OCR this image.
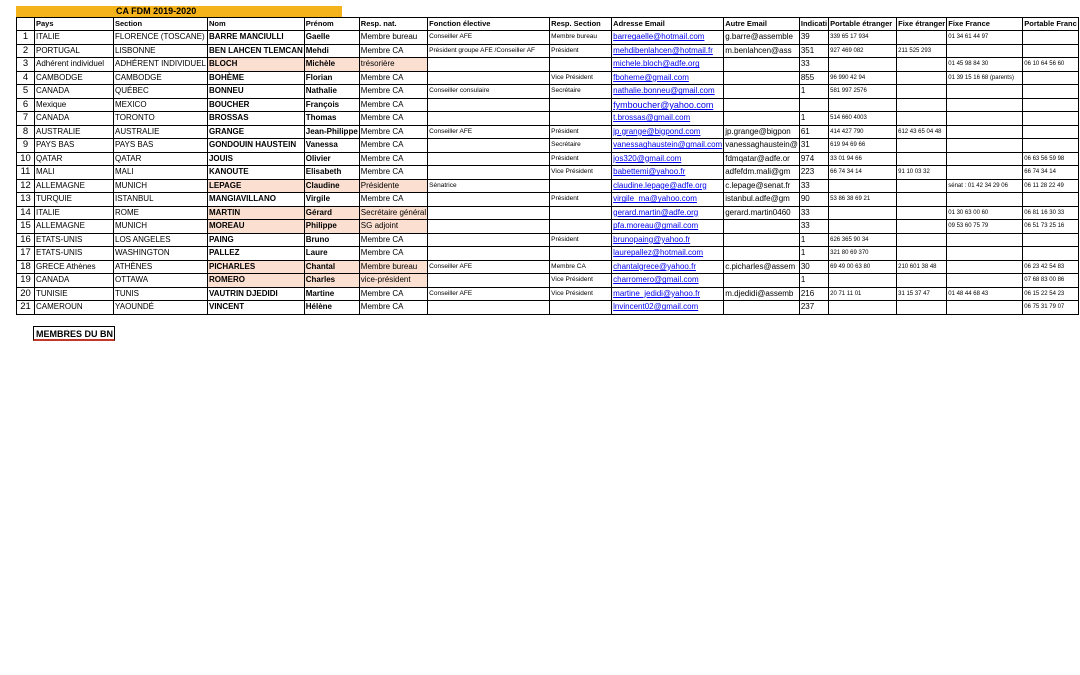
CA FDM 2019-2020
	Pays	Section	Nom	Prénom	Resp. nat.	Fonction élective	Resp. Section	Adresse Email	Autre Email	Indicati	Portable étranger	Fixe étranger	Fixe France	Portable Franc
1	ITALIE	FLORENCE (TOSCANE)	BARRE MANCIULLI	Gaelle	Membre bureau	Conseiller AFE	Membre bureau	barregaelle@hotmail.com	g.barre@assemble	39	339 65 17 934		01 34 61 44 97	
2	PORTUGAL	LISBONNE	BEN LAHCEN TLEMCAN	Mehdi	Membre CA	Président groupe AFE /Conseiller AF	Président	mehdibenlahcen@hotmail.fr	m.benlahcen@ass	351	927 469 082	211 525 293		
3	Adhérent individuel	ADHÉRENT INDIVIDUEL	BLOCH	Michèle	trésorière			michele.bloch@adfe.org		33			01 45 98 84 30	06 10 64 56 60
4	CAMBODGE	CAMBODGE	BOHÈME	Florian	Membre CA		Vice Président	fboheme@gmail.com		855	96 990 42 94		01 39 15 16 68 (parents)	
5	CANADA	QUÉBEC	BONNEU	Nathalie	Membre CA	Conseiller consulaire	Secrétaire	nathalie.bonneu@gmail.com		1	581 997 2576			
6	Mexique	MEXICO	BOUCHER	François	Membre CA			fymboucher@yahoo.com						
7	CANADA	TORONTO	BROSSAS	Thomas	Membre CA			t.brossas@gmail.com		1	514 660 4003			
8	AUSTRALIE	AUSTRALIE	GRANGE	Jean-Philippe	Membre CA	Conseiller AFE	Président	jp.grange@bigpond.com	jp.grange@bigpon	61	414 427 790	612 43 65 04 48		
9	PAYS BAS	PAYS BAS	GONDOUIN HAUSTEIN	Vanessa	Membre CA		Secrétaire	vanessaghaustein@gmail.com	vanessaghaustein@	31	619 94 69 66			
10	QATAR	QATAR	JOUIS	Olivier	Membre CA		Président	jos320@gmail.com	fdmqatar@adfe.or	974	33 01 94 66			06 63 56 59 98
11	MALI	MALI	KANOUTE	Elisabeth	Membre CA		Vice Président	babettemi@yahoo.fr	adfefdm.mali@gm	223	66 74 34 14	91 10 03 32		66 74 34 14
12	ALLEMAGNE	MUNICH	LEPAGE	Claudine	Présidente	Sénatrice		claudine.lepage@adfe.org	c.lepage@senat.fr	33			sénat : 01 42 34 29 06	06 11 28 22 49
13	TURQUIE	ISTANBUL	MANGIAVILLANO	Virgile	Membre CA		Président	virgile_ma@yahoo.com	istanbul.adfe@gm	90	53 86 38 69 21			
14	ITALIE	ROME	MARTIN	Gérard	Secrétaire général			gerard.martin@adfe.org	gerard.martin0460	33			01 30 63 00 60	06 81 16 30 33
15	ALLEMAGNE	MUNICH	MOREAU	Philippe	SG adjoint			pfa.moreau@gmail.com		33			09 53 60 75 79	06 51 73 25 16
16	ETATS-UNIS	LOS ANGELES	PAING	Bruno	Membre CA		Président	brunopaing@yahoo.fr		1	626 365 90 34			
17	ETATS-UNIS	WASHINGTON	PALLEZ	Laure	Membre CA			laurepallez@hotmail.com		1	321 80 69 370			
18	GRECE Athènes	ATHÈNES	PICHARLES	Chantal	Membre bureau	Conseiller AFE	Membre CA	chantalgrece@yahoo.fr	c.picharles@assem	30	69 49 00 63 80	210 601 38 48		06 23 42 54 83
19	CANADA	OTTAWA	ROMERO	Charles	vice-président		Vice Président	charromero@gmail.com		1				07 68 83 00 86
20	TUNISIE	TUNIS	VAUTRIN DJEDIDI	Martine	Membre CA	Conseiller AFE	Vice Président	martine_jedidi@yahoo.fr	m.djedidi@assemb	216	20 71 11 01	31 15 37 47	01 48 44 68 43	06 15 22 54 23
21	CAMEROUN	YAOUNDÉ	VINCENT	Hélène	Membre CA			lnvincent02@gmail.com		237				06 75 31 79 07
MEMBRES DU BN
